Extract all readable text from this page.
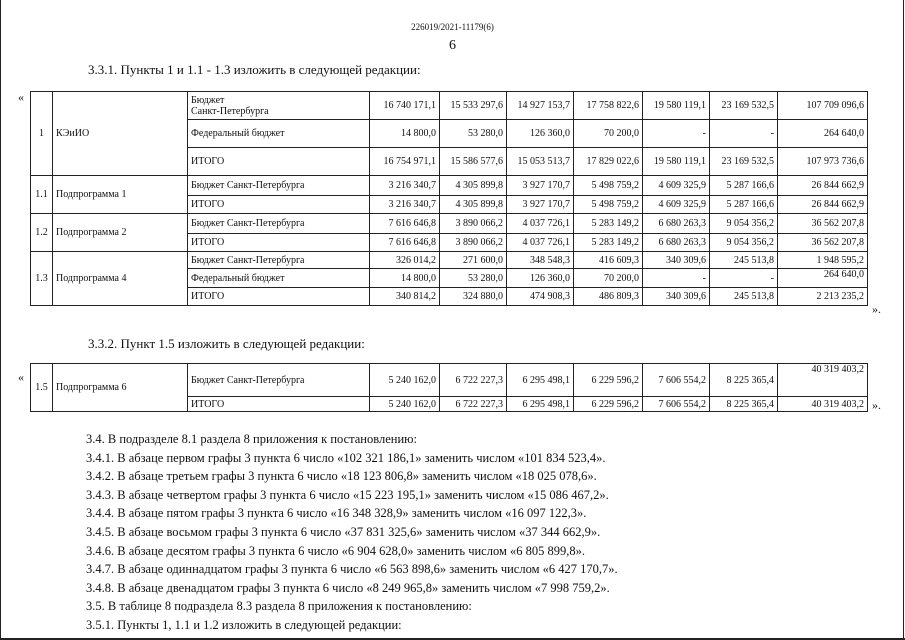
226019/2021-11179(6)
6
3.3.1. Пункты 1 и 1.1 - 1.3 изложить в следующей редакции:
«
».
1	КЭиИО	Бюджет
Санкт-Петербурга	16 740 171,1	15 533 297,6	14 927 153,7	17 758 822,6	19 580 119,1	23 169 532,5	107 709 096,6
		Федеральный бюджет	14 800,0	53 280,0	126 360,0	70 200,0	-	-	264 640,0
		ИТОГО	16 754 971,1	15 586 577,6	15 053 513,7	17 829 022,6	19 580 119,1	23 169 532,5	107 973 736,6
1.1	Подпрограмма 1	Бюджет Санкт-Петербурга	3 216 340,7	4 305 899,8	3 927 170,7	5 498 759,2	4 609 325,9	5 287 166,6	26 844 662,9
		ИТОГО	3 216 340,7	4 305 899,8	3 927 170,7	5 498 759,2	4 609 325,9	5 287 166,6	26 844 662,9
1.2	Подпрограмма 2	Бюджет Санкт-Петербурга	7 616 646,8	3 890 066,2	4 037 726,1	5 283 149,2	6 680 263,3	9 054 356,2	36 562 207,8
		ИТОГО	7 616 646,8	3 890 066,2	4 037 726,1	5 283 149,2	6 680 263,3	9 054 356,2	36 562 207,8
1.3	Подпрограмма 4	Бюджет Санкт-Петербурга	326 014,2	271 600,0	348 548,3	416 609,3	340 309,6	245 513,8	1 948 595,2
		Федеральный бюджет	14 800,0	53 280,0	126 360,0	70 200,0	-	-	264 640,0
		ИТОГО	340 814,2	324 880,0	474 908,3	486 809,3	340 309,6	245 513,8	2 213 235,2
3.3.2. Пункт 1.5 изложить в следующей редакции:
«
».
1.5	Подпрограмма 6	Бюджет Санкт-Петербурга	5 240 162,0	6 722 227,3	6 295 498,1	6 229 596,2	7 606 554,2	8 225 365,4	40 319 403,2
		ИТОГО	5 240 162,0	6 722 227,3	6 295 498,1	6 229 596,2	7 606 554,2	8 225 365,4	40 319 403,2

3.4. В подразделе 8.1 раздела 8 приложения к постановлению:

3.4.1. В абзаце первом графы 3 пункта 6 число «102 321 186,1» заменить числом «101 834 523,4».

3.4.2. В абзаце третьем графы 3 пункта 6 число «18 123 806,8» заменить числом «18 025 078,6».

3.4.3. В абзаце четвертом графы 3 пункта 6 число «15 223 195,1» заменить числом «15 086 467,2».

3.4.4. В абзаце пятом графы 3 пункта 6 число «16 348 328,9» заменить числом «16 097 122,3».

3.4.5. В абзаце восьмом графы 3 пункта 6 число «37 831 325,6» заменить числом «37 344 662,9».

3.4.6. В абзаце десятом графы 3 пункта 6 число «6 904 628,0» заменить числом «6 805 899,8».

3.4.7. В абзаце одиннадцатом графы 3 пункта 6 число «6 563 898,6» заменить числом «6 427 170,7».

3.4.8. В абзаце двенадцатом графы 3 пункта 6 число «8 249 965,8» заменить числом «7 998 759,2».

3.5. В таблице 8 подраздела 8.3 раздела 8 приложения к постановлению:

3.5.1. Пункты 1, 1.1 и 1.2 изложить в следующей редакции:
